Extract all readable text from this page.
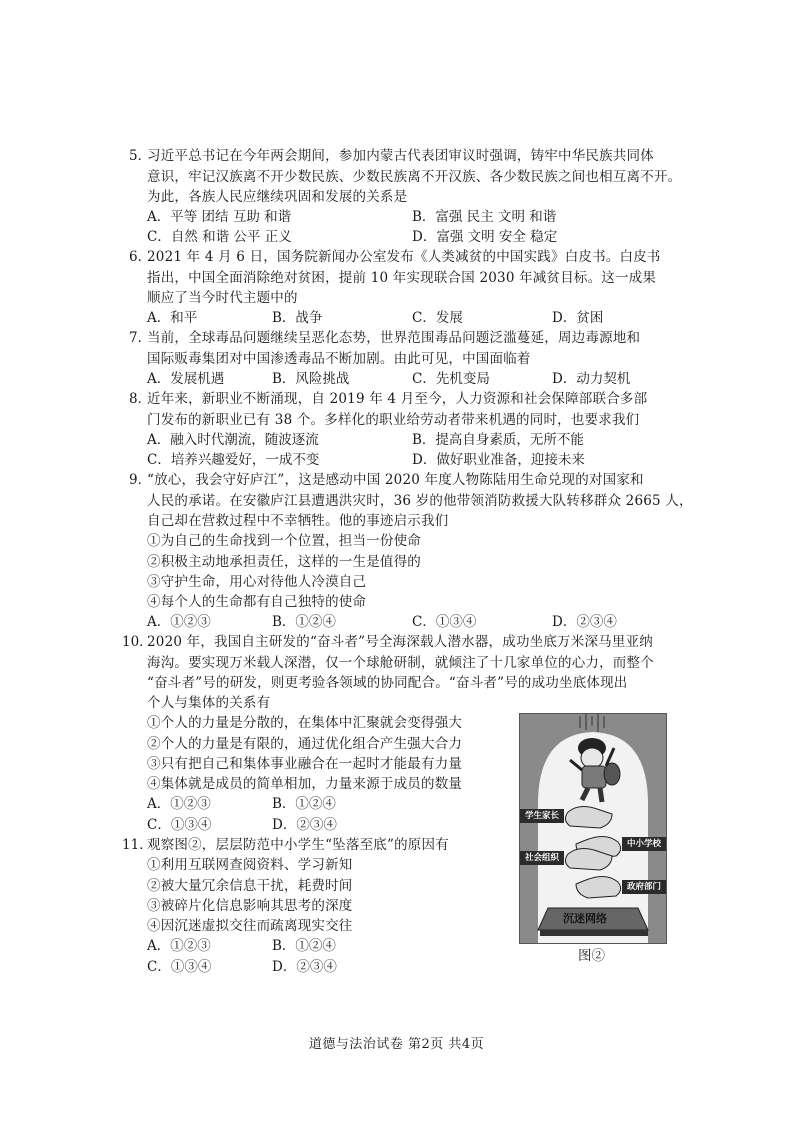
5．
习近平总书记在今年两会期间，参加内蒙古代表团审议时强调，铸牢中华民族共同体
意识，牢记汉族离不开少数民族、少数民族离不开汉族、各少数民族之间也相互离不开。
为此，各族人民应继续巩固和发展的关系是
A．平等 团结 互助 和谐	B．富强 民主 文明 和谐
C．自然 和谐 公平 正义	D．富强 文明 安全 稳定
6．
2021 年 4 月 6 日，国务院新闻办公室发布《人类减贫的中国实践》白皮书。白皮书
指出，中国全面消除绝对贫困，提前 10 年实现联合国 2030 年减贫目标。这一成果
顺应了当今时代主题中的
A．和平	B．战争	C．发展	D．贫困
7．
当前，全球毒品问题继续呈恶化态势，世界范围毒品问题泛滥蔓延，周边毒源地和
国际贩毒集团对中国渗透毒品不断加剧。由此可见，中国面临着
A．发展机遇	B．风险挑战	C．先机变局	D．动力契机
8．
近年来，新职业不断涌现，自 2019 年 4 月至今，人力资源和社会保障部联合多部
门发布的新职业已有 38 个。多样化的职业给劳动者带来机遇的同时，也要求我们
A．融入时代潮流，随波逐流	B．提高自身素质，无所不能
C．培养兴趣爱好，一成不变	D．做好职业准备，迎接未来
9．
“放心，我会守好庐江”，这是感动中国 2020 年度人物陈陆用生命兑现的对国家和
人民的承诺。在安徽庐江县遭遇洪灾时，36 岁的他带领消防救援大队转移群众 2665 人，
自己却在营救过程中不幸牺牲。他的事迹启示我们
①为自己的生命找到一个位置，担当一份使命
②积极主动地承担责任，这样的一生是值得的
③守护生命，用心对待他人冷漠自己
④每个人的生命都有自己独特的使命
A．①②③	B．①②④	C．①③④	D．②③④
10．
2020 年，我国自主研发的“奋斗者”号全海深载人潜水器，成功坐底万米深马里亚纳
海沟。要实现万米载人深潜，仅一个球舱研制，就倾注了十几家单位的心力，而整个
“奋斗者”号的研发，则更考验各领域的协同配合。“奋斗者”号的成功坐底体现出
个人与集体的关系有
①个人的力量是分散的，在集体中汇聚就会变得强大
②个人的力量是有限的，通过优化组合产生强大合力
③只有把自己和集体事业融合在一起时才能最有力量
④集体就是成员的简单相加，力量来源于成员的数量
A．①②③	B．①②④
C．①③④	D．②③④
11．
观察图②，层层防范中小学生“坠落至底”的原因有
①利用互联网查阅资料、学习新知
②被大量冗余信息干扰，耗费时间
③被碎片化信息影响其思考的深度
④因沉迷虚拟交往而疏离现实交往
A．①②③	B．①②④
C．①③④	D．②③④
学生家长
中小学校
社会组织
政府部门
沉迷网络
图②
道德与法治试卷 第2页 共4页
